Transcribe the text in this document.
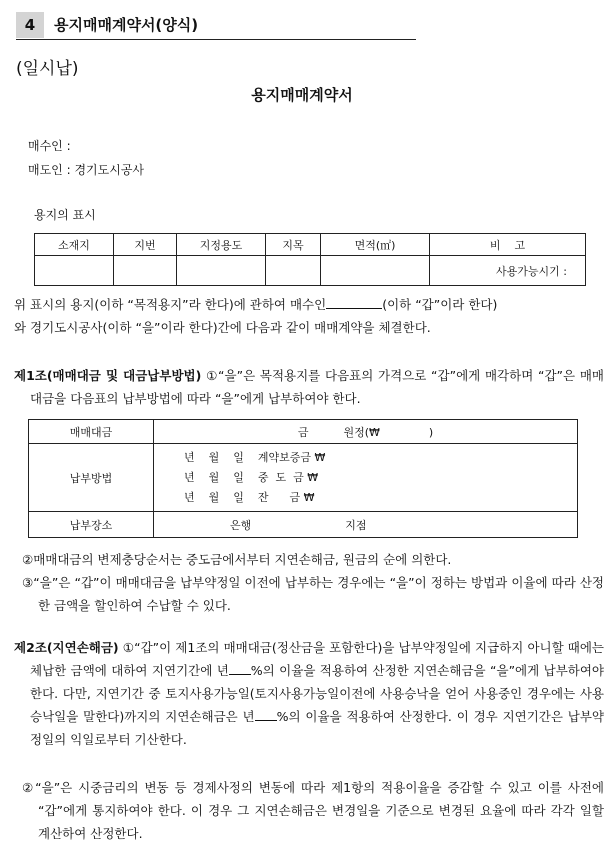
4	용지매매계약서(양식)
(일시납)
용지매매계약서
매수인 :
매도인 : 경기도시공사
용지의 표시
소재지	지번	지정용도	지목	면적(㎡)	비    고
					사용가능시기 :
위 표시의 용지(이하 “목적용지”라 한다)에 관하여 매수인	(이하 “갑”이라 한다)
와 경기도시공사(이하 “을”이라 한다)간에 다음과 같이 매매계약을 체결한다.
제1조(매매대금 및 대금납부방법) ①“을”은 목적용지를 다음표의 가격으로 “갑”에게 매각하며 “갑”은 매매대금을 다음표의 납부방법에 따라 “을”에게 납부하여야 한다.
매매대금	금          원정(₩              )
납부방법	년    월    일    계약보증금 ₩
년    월    일    중  도  금 ₩
년    월    일    잔      금 ₩

납부장소	은행 지점
②매매대금의 변제충당순서는 중도금에서부터 지연손해금, 원금의 순에 의한다.
③“을”은 “갑”이 매매대금을 납부약정일 이전에 납부하는 경우에는 “을”이 정하는 방법과 이율에 따라 산정한 금액을 할인하여 수납할 수 있다.
제2조(지연손해금) ①“갑”이 제1조의 매매대금(정산금을 포함한다)을 납부약정일에 지급하지 아니할 때에는 체납한 금액에 대하여 지연기간에 년 %의 이율을 적용하여 산정한 지연손해금을 “을”에게 납부하여야 한다. 다만, 지연기간 중 토지사용가능일(토지사용가능일이전에 사용승낙을 얻어 사용중인 경우에는 사용승낙일을 말한다)까지의 지연손해금은 년 %의 이율을 적용하여 산정한다. 이 경우 지연기간은 납부약정일의 익일로부터 기산한다.
②“을”은 시중금리의 변동 등 경제사정의 변동에 따라 제1항의 적용이율을 증감할 수 있고 이를 사전에 “갑”에게 통지하여야 한다. 이 경우 그 지연손해금은 변경일을 기준으로 변경된 요율에 따라 각각 일할 계산하여 산정한다.
